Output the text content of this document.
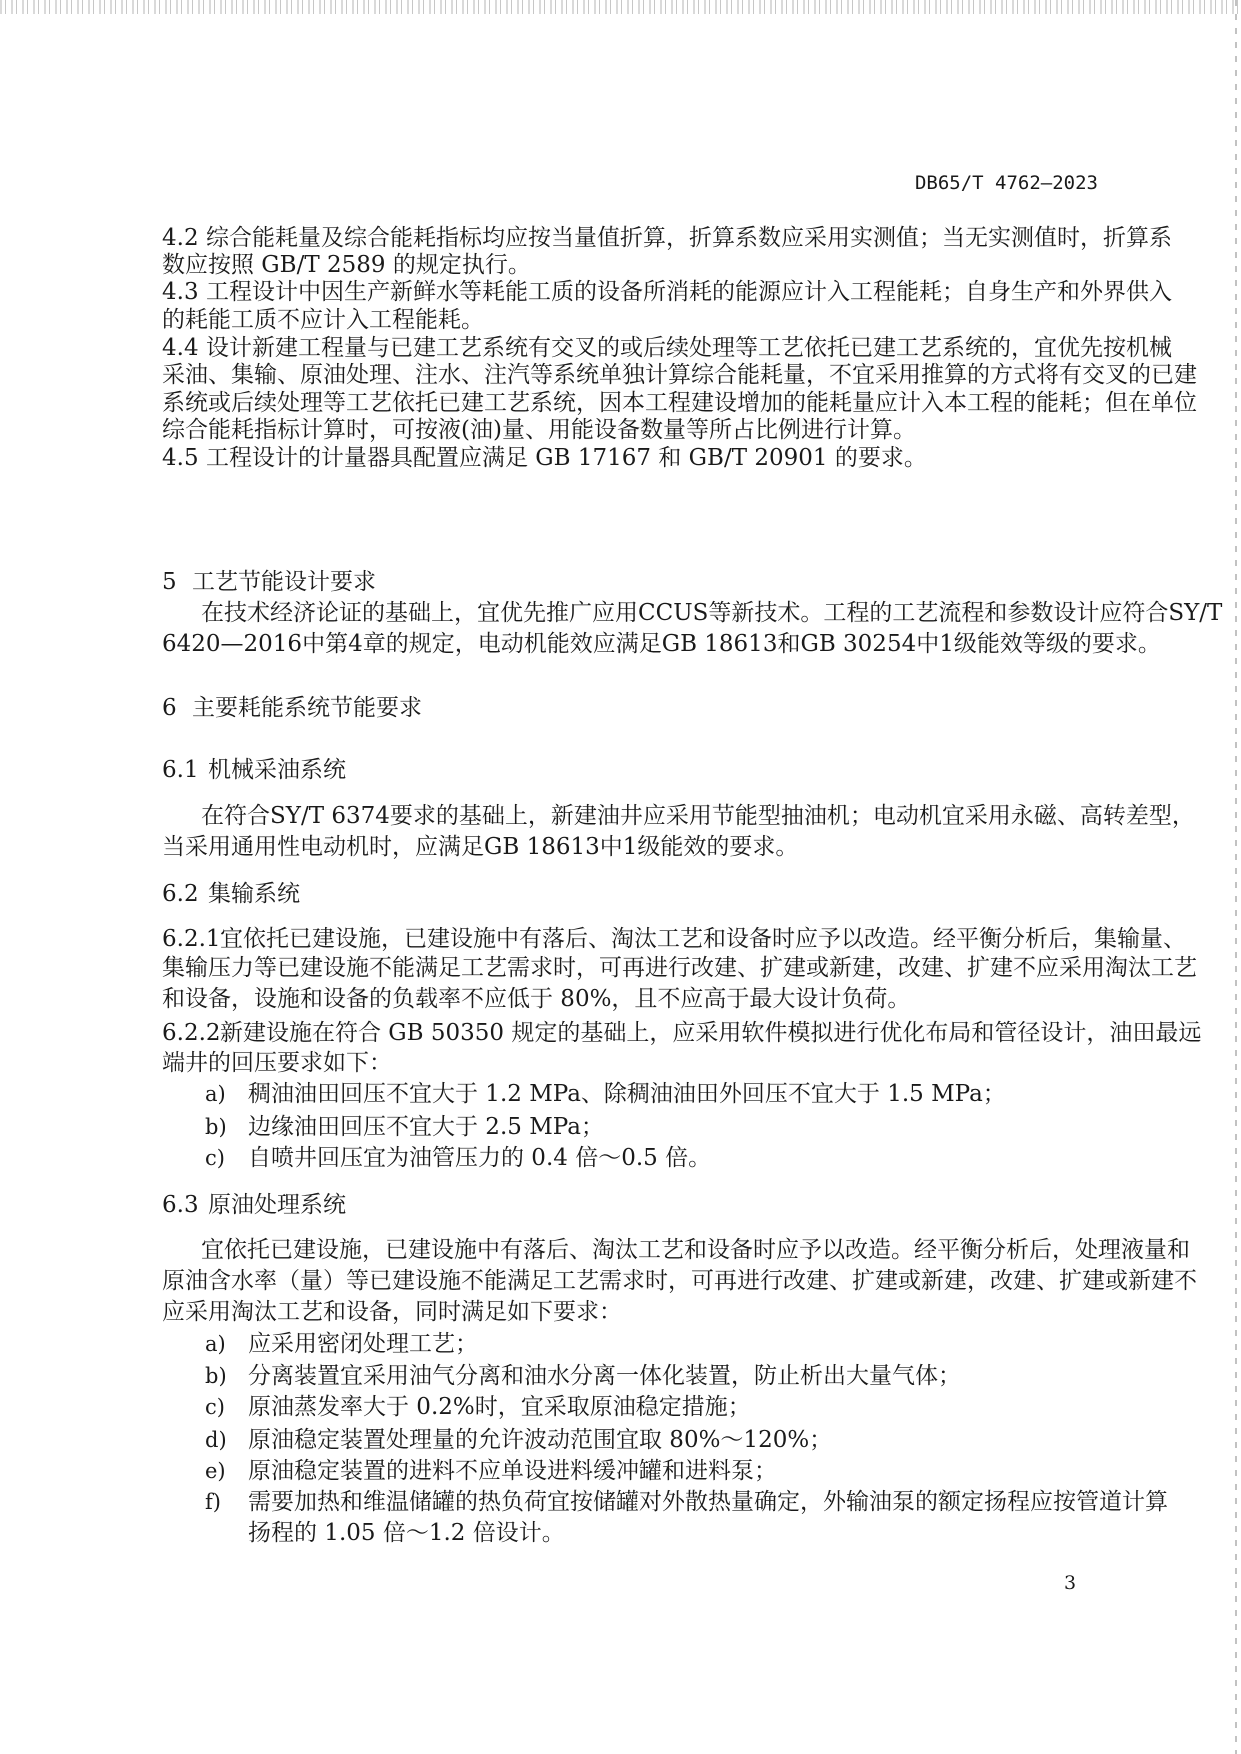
DB65/T 4762—2023
4.2 综合能耗量及综合能耗指标均应按当量值折算，折算系数应采用实测值；当无实测值时，折算系
数应按照 GB/T 2589 的规定执行。
4.3 工程设计中因生产新鲜水等耗能工质的设备所消耗的能源应计入工程能耗；自身生产和外界供入
的耗能工质不应计入工程能耗。
4.4 设计新建工程量与已建工艺系统有交叉的或后续处理等工艺依托已建工艺系统的，宜优先按机械
采油、集输、原油处理、注水、注汽等系统单独计算综合能耗量，不宜采用推算的方式将有交叉的已建
系统或后续处理等工艺依托已建工艺系统，因本工程建设增加的能耗量应计入本工程的能耗；但在单位
综合能耗指标计算时，可按液(油)量、用能设备数量等所占比例进行计算。
4.5 工程设计的计量器具配置应满足 GB 17167 和 GB/T 20901 的要求。
5 工艺节能设计要求
在技术经济论证的基础上，宜优先推广应用CCUS等新技术。工程的工艺流程和参数设计应符合SY/T
6420—2016中第4章的规定，电动机能效应满足GB 18613和GB 30254中1级能效等级的要求。
6 主要耗能系统节能要求
6.1 机械采油系统
在符合SY/T 6374要求的基础上，新建油井应采用节能型抽油机；电动机宜采用永磁、高转差型，
当采用通用性电动机时，应满足GB 18613中1级能效的要求。
6.2 集输系统
6.2.1宜依托已建设施，已建设施中有落后、淘汰工艺和设备时应予以改造。经平衡分析后，集输量、
集输压力等已建设施不能满足工艺需求时，可再进行改建、扩建或新建，改建、扩建不应采用淘汰工艺
和设备，设施和设备的负载率不应低于 80%，且不应高于最大设计负荷。
6.2.2新建设施在符合 GB 50350 规定的基础上，应采用软件模拟进行优化布局和管径设计，油田最远
端井的回压要求如下：
a) 稠油油田回压不宜大于 1.2 MPa、除稠油油田外回压不宜大于 1.5 MPa；
b) 边缘油田回压不宜大于 2.5 MPa；
c) 自喷井回压宜为油管压力的 0.4 倍～0.5 倍。
6.3 原油处理系统
宜依托已建设施，已建设施中有落后、淘汰工艺和设备时应予以改造。经平衡分析后，处理液量和
原油含水率（量）等已建设施不能满足工艺需求时，可再进行改建、扩建或新建，改建、扩建或新建不
应采用淘汰工艺和设备，同时满足如下要求：
a) 应采用密闭处理工艺；
b) 分离装置宜采用油气分离和油水分离一体化装置，防止析出大量气体；
c) 原油蒸发率大于 0.2%时，宜采取原油稳定措施；
d) 原油稳定装置处理量的允许波动范围宜取 80%～120%；
e) 原油稳定装置的进料不应单设进料缓冲罐和进料泵；
f) 需要加热和维温储罐的热负荷宜按储罐对外散热量确定，外输油泵的额定扬程应按管道计算
扬程的 1.05 倍～1.2 倍设计。
3
